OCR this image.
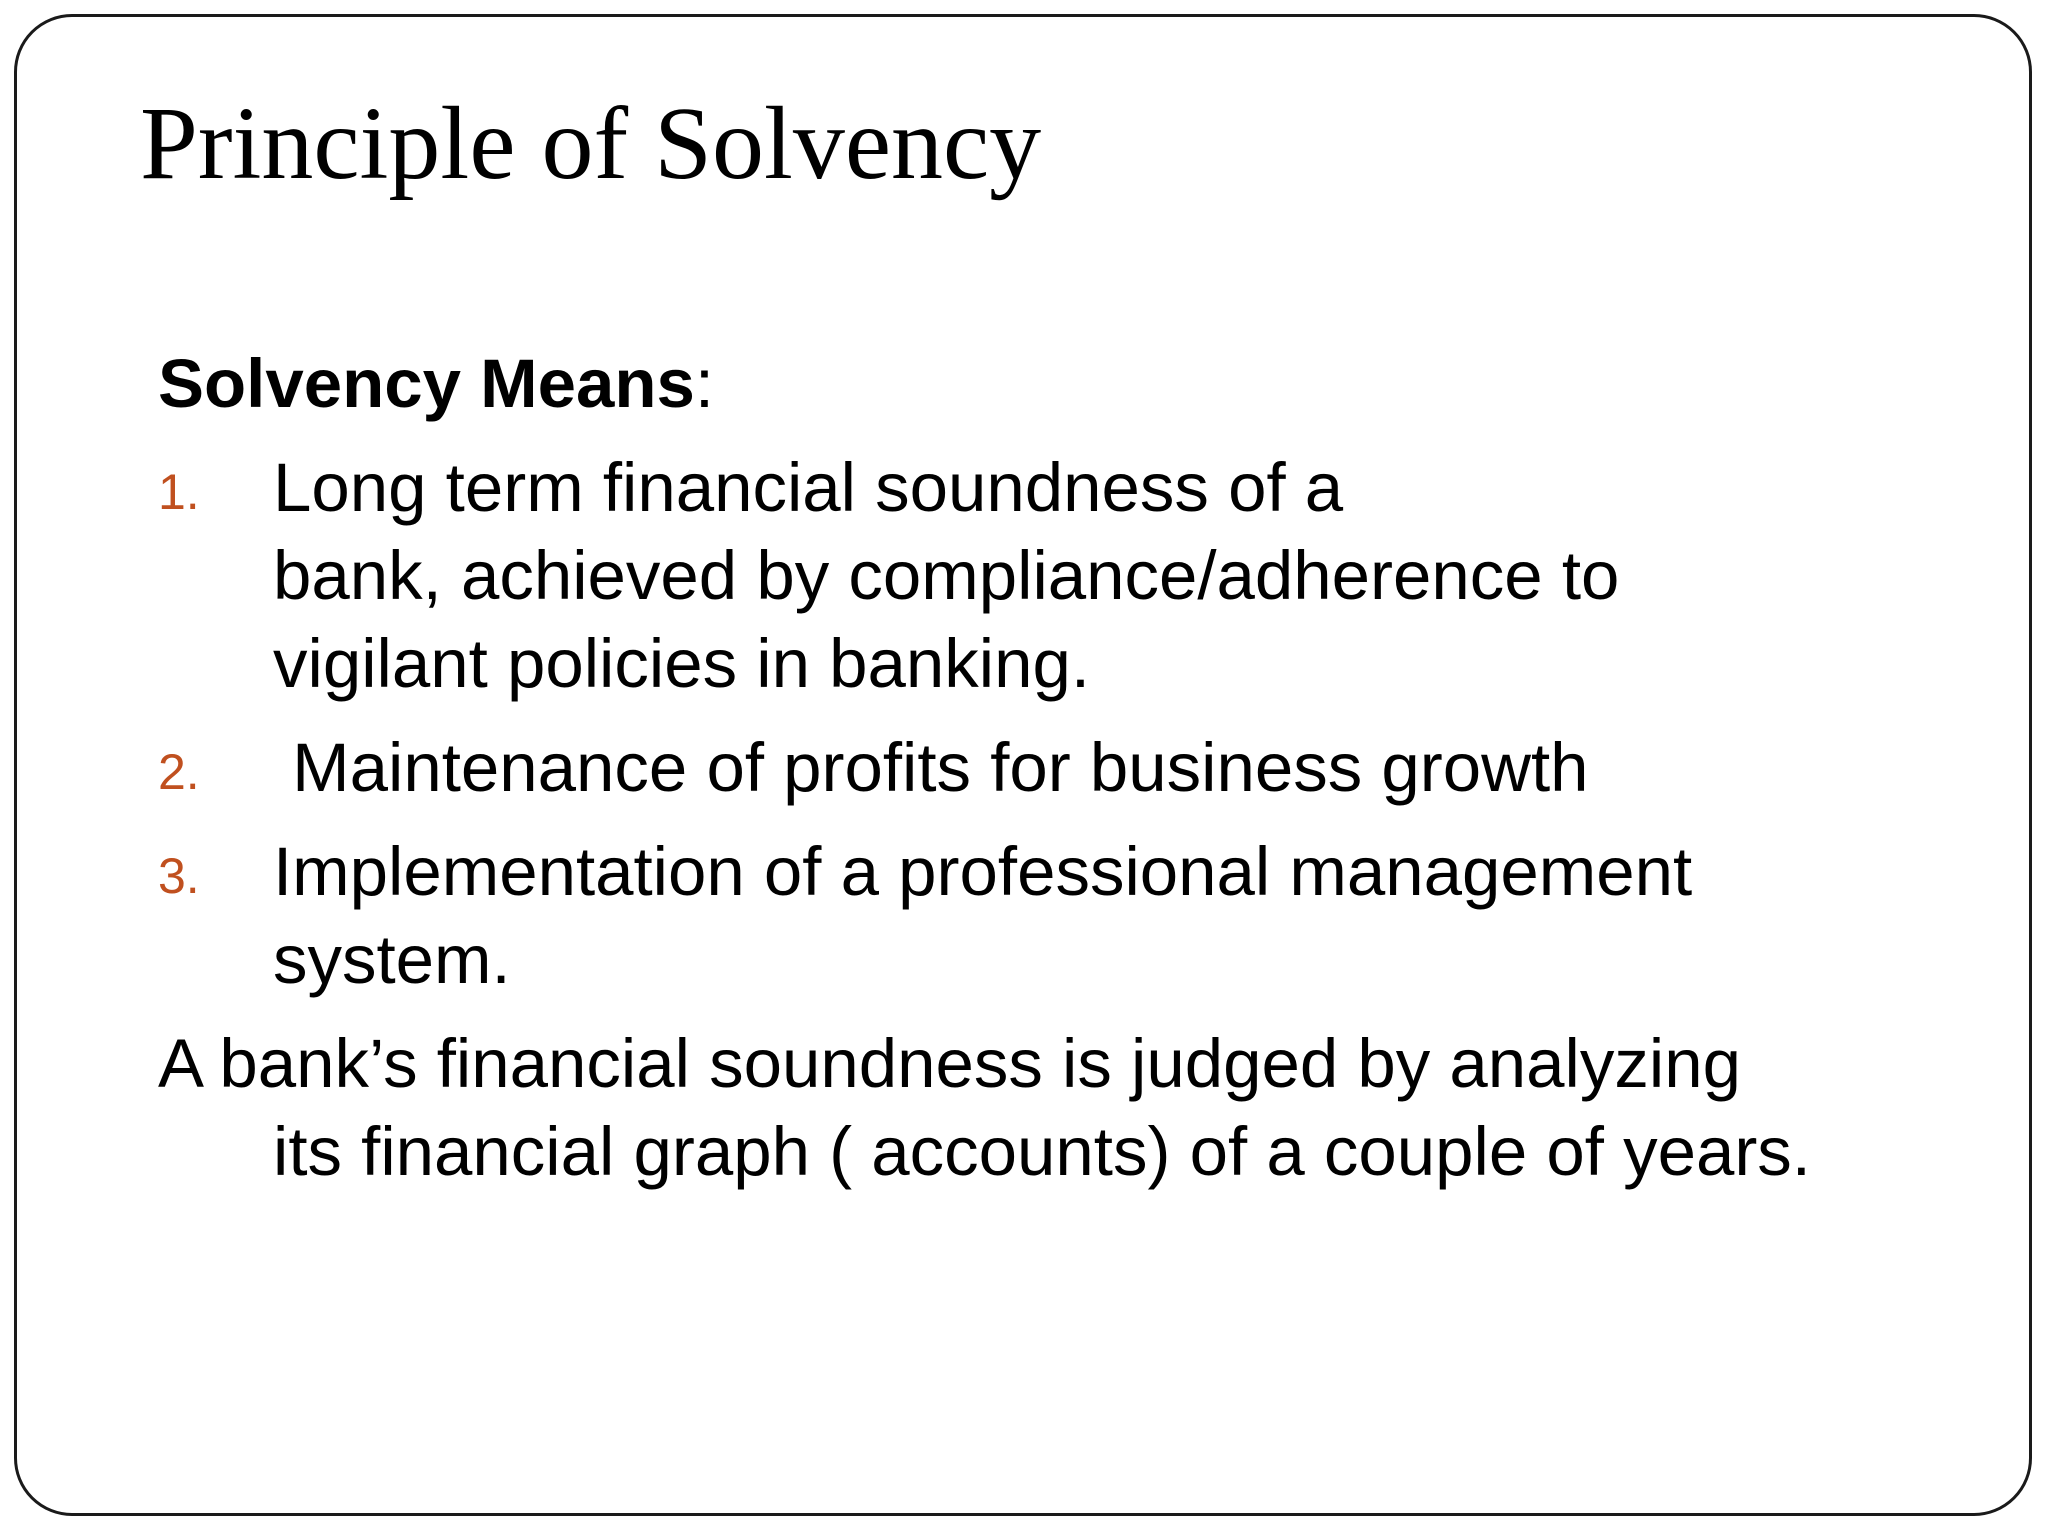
Principle of Solvency

Solvency Means:

1. Long term financial soundness of a
bank, achieved by compliance/adherence to
vigilant policies in banking.
2. Maintenance of profits for business growth
3. Implementation of a professional management
system.

A bank’s financial soundness is judged by analyzing
its financial graph ( accounts) of a couple of years.
